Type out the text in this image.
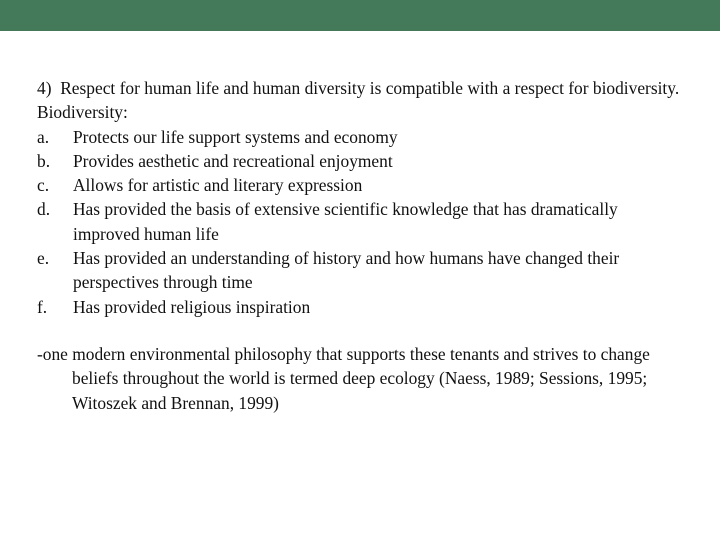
4) Respect for human life and human diversity is compatible with a respect for biodiversity.

Biodiversity:

a. Protects our life support systems and economy
b. Provides aesthetic and recreational enjoyment
c. Allows for artistic and literary expression
d. Has provided the basis of extensive scientific knowledge that has dramatically improved human life
e. Has provided an understanding of history and how humans have changed their perspectives through time
f. Has provided religious inspiration

-one modern environmental philosophy that supports these tenants and strives to change beliefs throughout the world is termed deep ecology (Naess, 1989; Sessions, 1995; Witoszek and Brennan, 1999)
